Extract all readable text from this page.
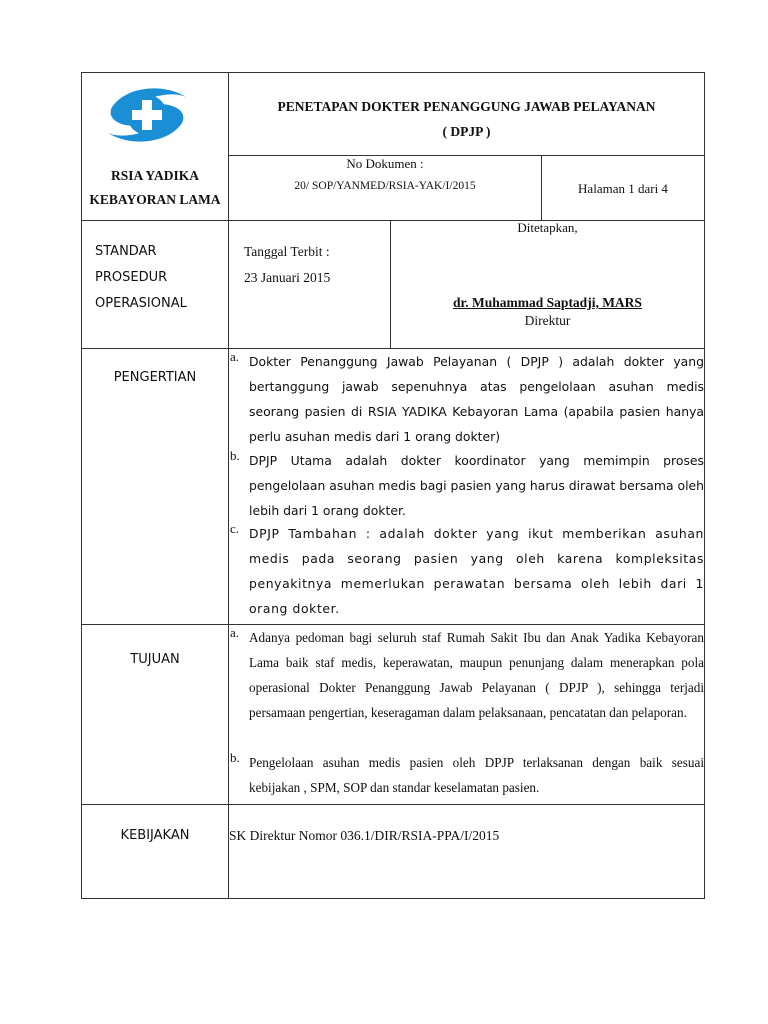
RSIA YADIKA
KEBAYORAN LAMA
PENETAPAN DOKTER PENANGGUNG JAWAB PELAYANAN
( DPJP )
No Dokumen :
20/ SOP/YANMED/RSIA-YAK/I/2015	Halaman 1 dari 4
STANDAR
PROSEDUR
OPERASIONAL
Tanggal Terbit :
23 Januari 2015
Ditetapkan,
dr. Muhammad Saptadji, MARS
Direktur
PENGERTIAN
a. Dokter Penanggung Jawab Pelayanan ( DPJP ) adalah dokter yang bertanggung jawab sepenuhnya atas pengelolaan asuhan medis seorang pasien di RSIA YADIKA Kebayoran Lama (apabila pasien hanya perlu asuhan medis dari 1 orang dokter)
b. DPJP Utama adalah dokter koordinator yang memimpin proses pengelolaan asuhan medis bagi pasien yang harus dirawat bersama oleh lebih dari 1 orang dokter.
c. DPJP Tambahan : adalah dokter yang ikut memberikan asuhan medis pada seorang pasien yang oleh karena kompleksitas penyakitnya memerlukan perawatan bersama oleh lebih dari 1 orang dokter.
TUJUAN
a. Adanya pedoman bagi seluruh staf Rumah Sakit Ibu dan Anak Yadika Kebayoran Lama baik staf medis, keperawatan, maupun penunjang dalam menerapkan pola operasional Dokter Penanggung Jawab Pelayanan ( DPJP ), sehingga terjadi persamaan pengertian, keseragaman dalam pelaksanaan, pencatatan dan pelaporan.
b. Pengelolaan asuhan medis pasien oleh DPJP terlaksanan dengan baik sesuai kebijakan , SPM, SOP dan standar keselamatan pasien.
KEBIJAKAN	SK Direktur Nomor 036.1/DIR/RSIA-PPA/I/2015
